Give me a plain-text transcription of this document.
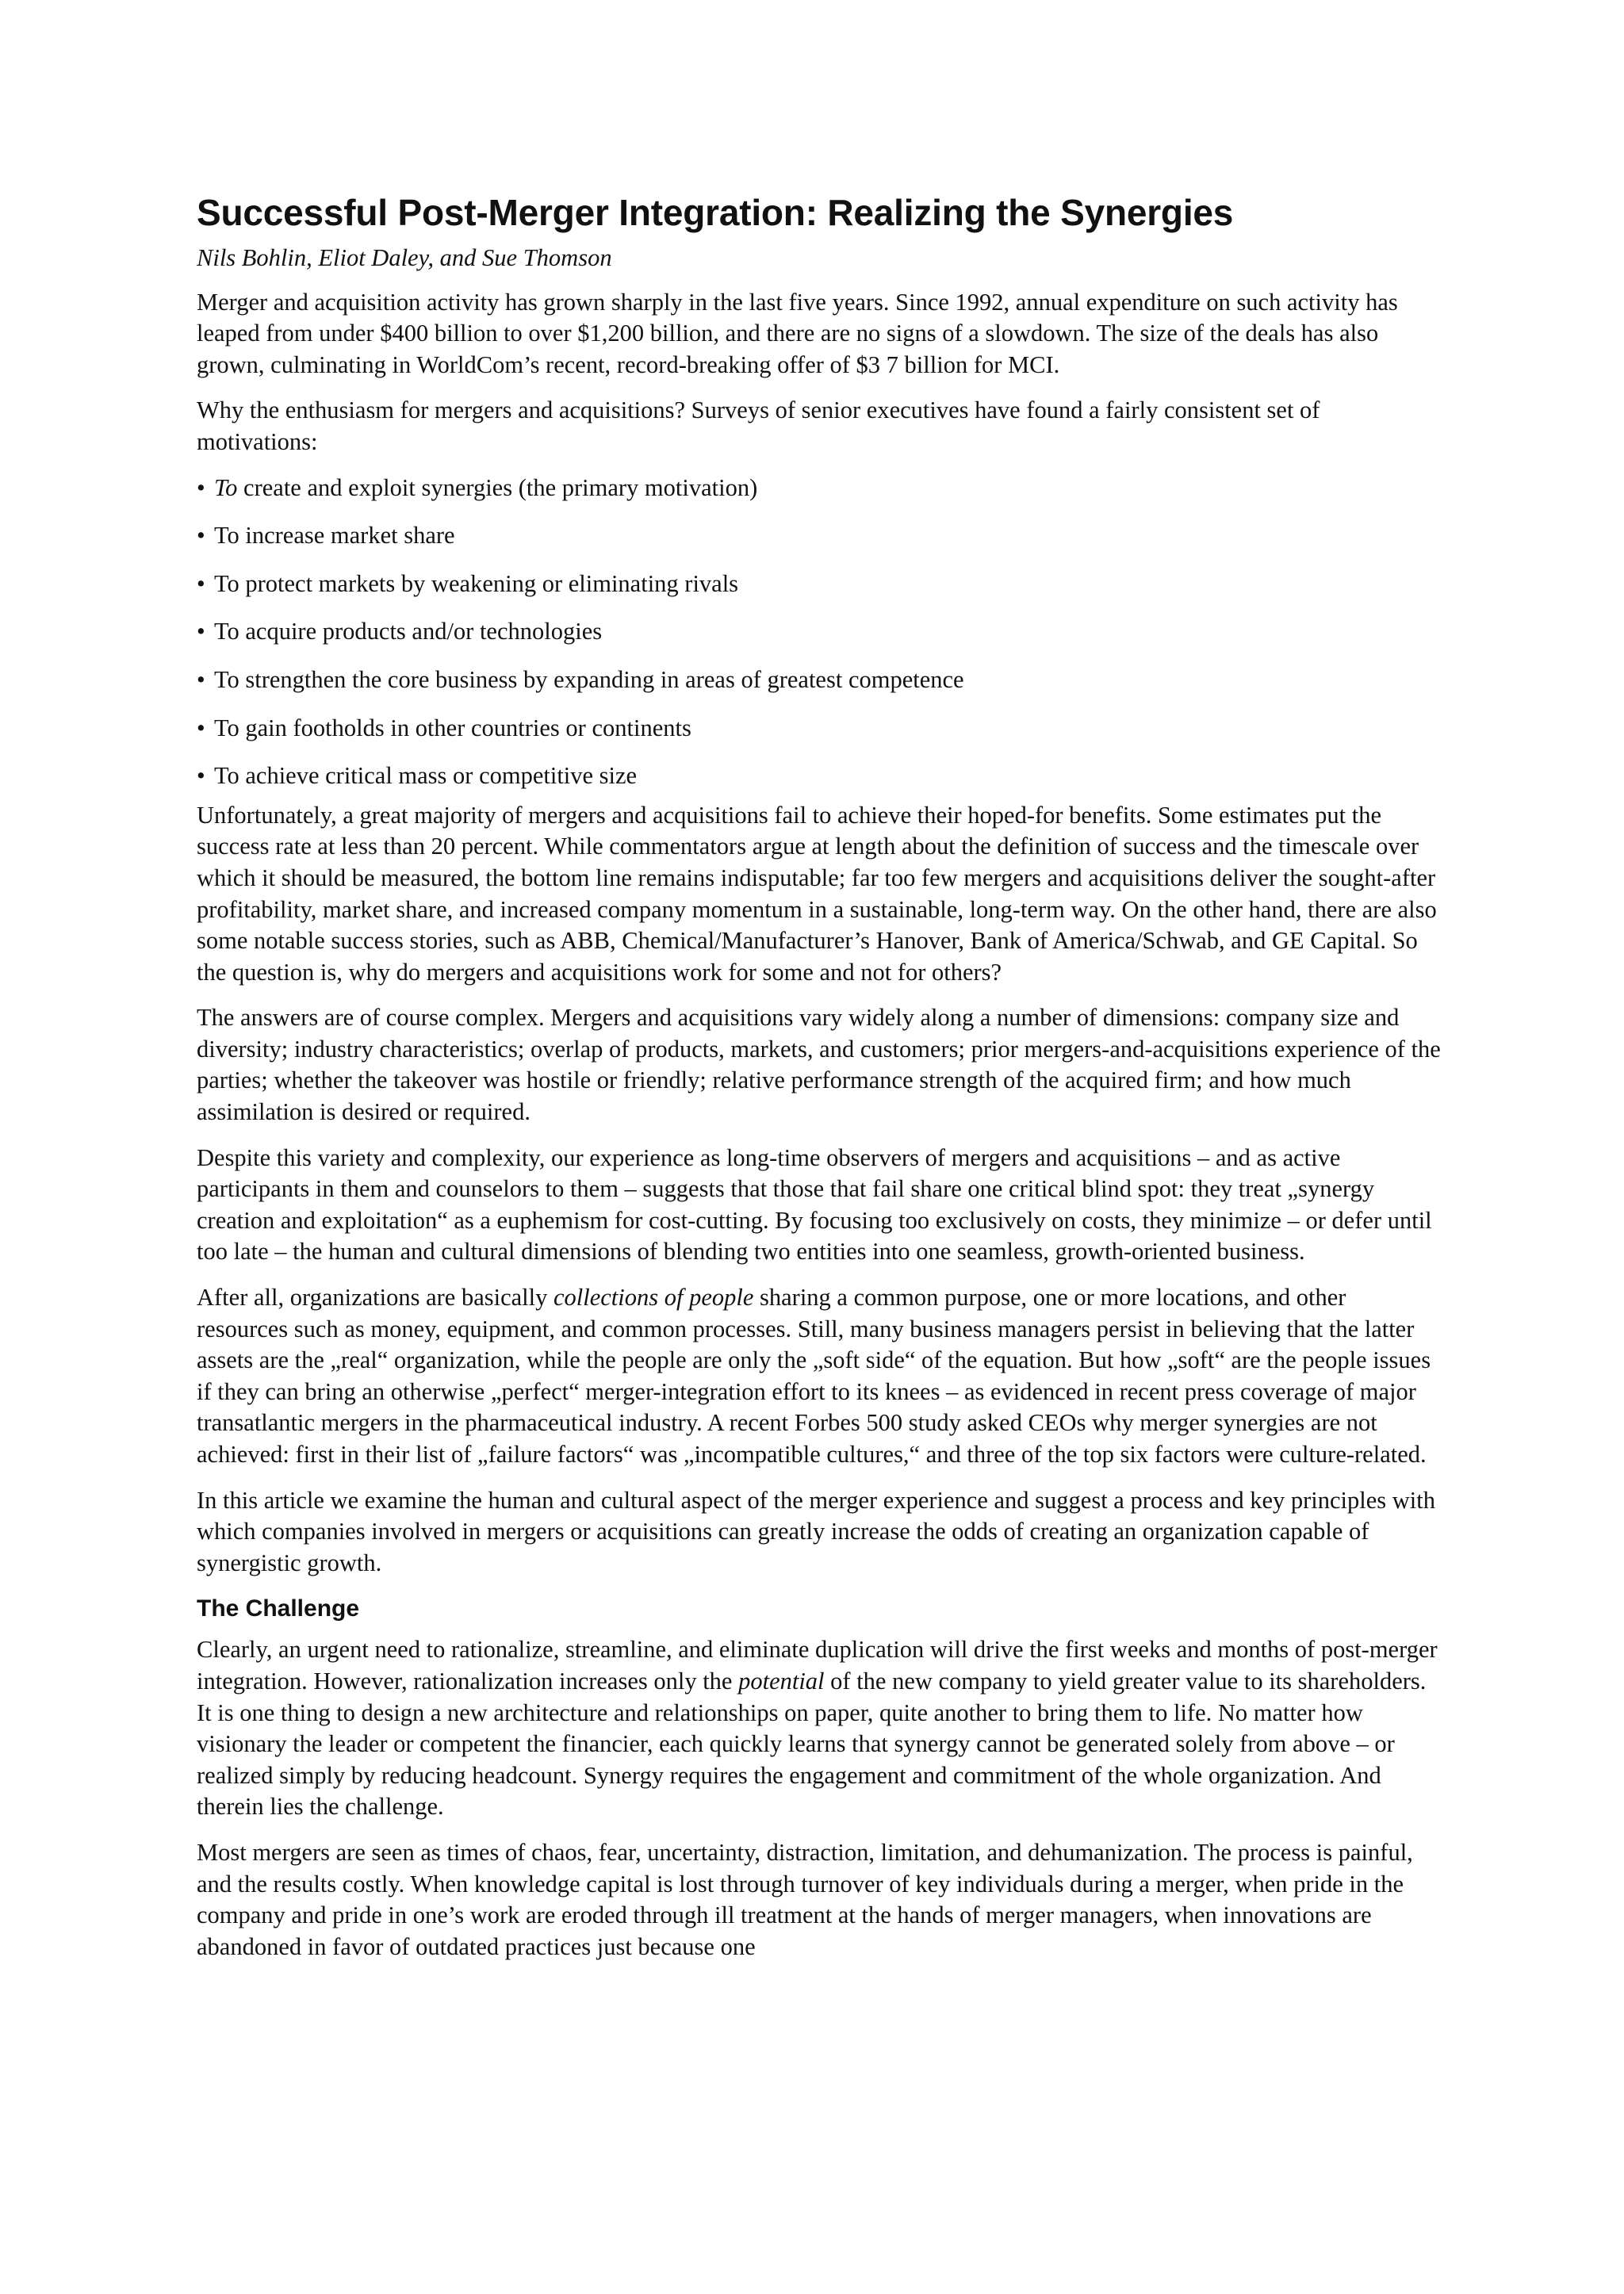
Successful Post-Merger Integration: Realizing the Synergies
Nils Bohlin, Eliot Daley, and Sue Thomson

Merger and acquisition activity has grown sharply in the last five years. Since 1992, annual expenditure on such activity has leaped from under $400 billion to over $1,200 billion, and there are no signs of a slowdown. The size of the deals has also grown, culminating in WorldCom’s recent, record-breaking offer of $3 7 billion for MCI.

Why the enthusiasm for mergers and acquisitions? Surveys of senior executives have found a fairly consistent set of motivations:

• To create and exploit synergies (the primary motivation)
• To increase market share
• To protect markets by weakening or eliminating rivals
• To acquire products and/or technologies
• To strengthen the core business by expanding in areas of greatest competence
• To gain footholds in other countries or continents
• To achieve critical mass or competitive size

Unfortunately, a great majority of mergers and acquisitions fail to achieve their hoped-for benefits. Some estimates put the success rate at less than 20 percent. While commentators argue at length about the definition of success and the timescale over which it should be measured, the bottom line remains indisputable; far too few mergers and acquisitions deliver the sought-after profitability, market share, and increased company momentum in a sustainable, long-term way. On the other hand, there are also some notable success stories, such as ABB, Chemical/Manufacturer’s Hanover, Bank of America/Schwab, and GE Capital. So the question is, why do mergers and acquisitions work for some and not for others?

The answers are of course complex. Mergers and acquisitions vary widely along a number of dimensions: company size and diversity; industry characteristics; overlap of products, markets, and customers; prior mergers-and-acquisitions experience of the parties; whether the takeover was hostile or friendly; relative performance strength of the acquired firm; and how much assimilation is desired or required.

Despite this variety and complexity, our experience as long-time observers of mergers and acquisitions – and as active participants in them and counselors to them – suggests that those that fail share one critical blind spot: they treat „synergy creation and exploitation“ as a euphemism for cost-cutting. By focusing too exclusively on costs, they minimize – or defer until too late – the human and cultural dimensions of blending two entities into one seamless, growth-oriented business.

After all, organizations are basically collections of people sharing a common purpose, one or more locations, and other resources such as money, equipment, and common processes. Still, many business managers persist in believing that the latter assets are the „real“ organization, while the people are only the „soft side“ of the equation. But how „soft“ are the people issues if they can bring an otherwise „perfect“ merger-integration effort to its knees – as evidenced in recent press coverage of major transatlantic mergers in the pharmaceutical industry. A recent Forbes 500 study asked CEOs why merger synergies are not achieved: first in their list of „failure factors“ was „incompatible cultures,“ and three of the top six factors were culture-related.

In this article we examine the human and cultural aspect of the merger experience and suggest a process and key principles with which companies involved in mergers or acquisitions can greatly increase the odds of creating an organization capable of synergistic growth.

The Challenge

Clearly, an urgent need to rationalize, streamline, and eliminate duplication will drive the first weeks and months of post-merger integration. However, rationalization increases only the potential of the new company to yield greater value to its shareholders. It is one thing to design a new architecture and relationships on paper, quite another to bring them to life. No matter how visionary the leader or competent the financier, each quickly learns that synergy cannot be generated solely from above – or realized simply by reducing headcount. Synergy requires the engagement and commitment of the whole organization. And therein lies the challenge.

Most mergers are seen as times of chaos, fear, uncertainty, distraction, limitation, and dehumanization. The process is painful, and the results costly. When knowledge capital is lost through turnover of key individuals during a merger, when pride in the company and pride in one’s work are eroded through ill treatment at the hands of merger managers, when innovations are abandoned in favor of outdated practices just because one
